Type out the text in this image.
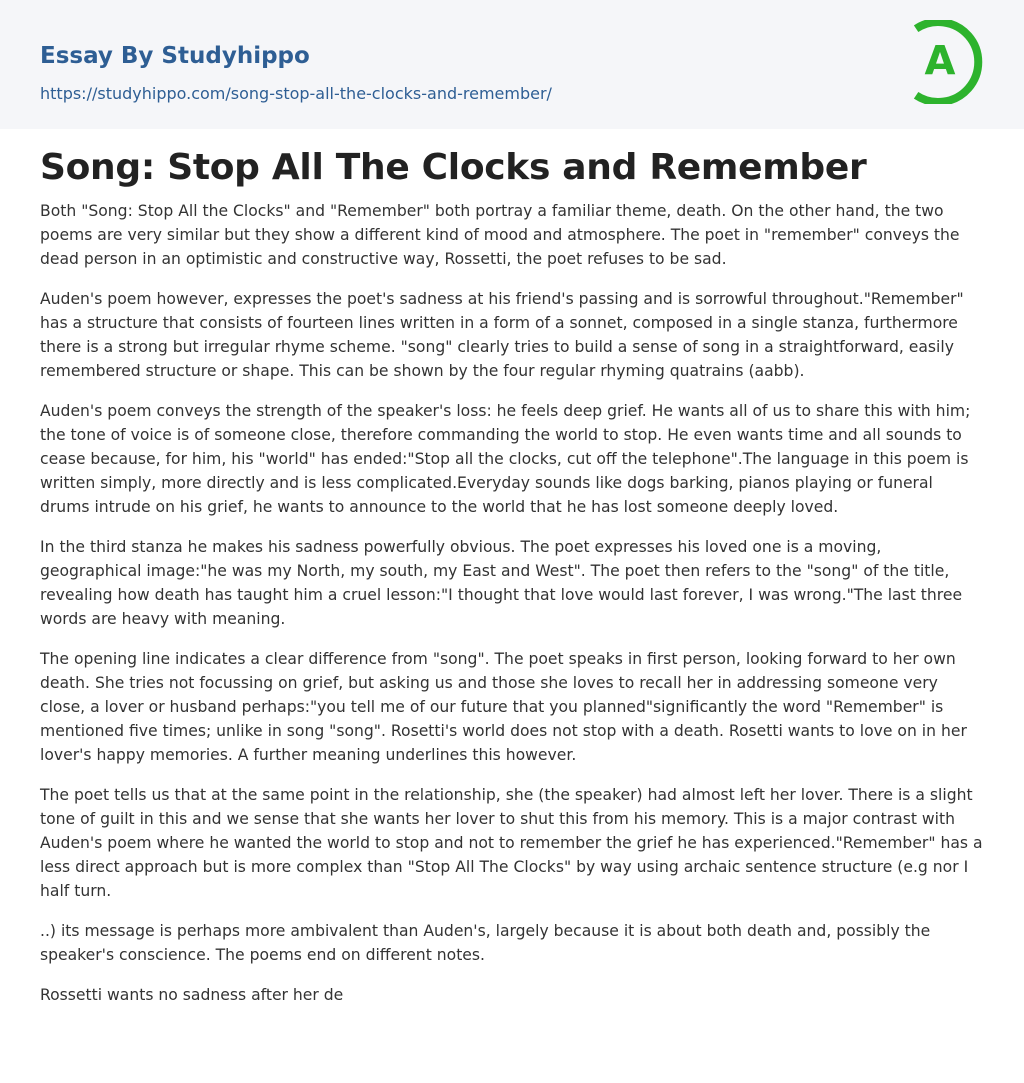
Essay By Studyhippo
https://studyhippo.com/song-stop-all-the-clocks-and-remember/
A
Song: Stop All The Clocks and Remember

Both "Song: Stop All the Clocks" and "Remember" both portray a familiar theme, death. On the other hand, the two poems are very similar but they show a different kind of mood and atmosphere. The poet in "remember" conveys the dead person in an optimistic and constructive way, Rossetti, the poet refuses to be sad.

Auden's poem however, expresses the poet's sadness at his friend's passing and is sorrowful throughout."Remember" has a structure that consists of fourteen lines written in a form of a sonnet, composed in a single stanza, furthermore there is a strong but irregular rhyme scheme. "song" clearly tries to build a sense of song in a straightforward, easily remembered structure or shape. This can be shown by the four regular rhyming quatrains (aabb).

Auden's poem conveys the strength of the speaker's loss: he feels deep grief. He wants all of us to share this with him; the tone of voice is of someone close, therefore commanding the world to stop. He even wants time and all sounds to cease because, for him, his "world" has ended:"Stop all the clocks, cut off the telephone".The language in this poem is written simply, more directly and is less complicated.Everyday sounds like dogs barking, pianos playing or funeral drums intrude on his grief, he wants to announce to the world that he has lost someone deeply loved.

In the third stanza he makes his sadness powerfully obvious. The poet expresses his loved one is a moving, geographical image:"he was my North, my south, my East and West". The poet then refers to the "song" of the title, revealing how death has taught him a cruel lesson:"I thought that love would last forever, I was wrong."The last three words are heavy with meaning.

The opening line indicates a clear difference from "song". The poet speaks in first person, looking forward to her own death. She tries not focussing on grief, but asking us and those she loves to recall her in addressing someone very close, a lover or husband perhaps:"you tell me of our future that you planned"significantly the word "Remember" is mentioned five times; unlike in song "song". Rosetti's world does not stop with a death. Rosetti wants to love on in her lover's happy memories. A further meaning underlines this however.

The poet tells us that at the same point in the relationship, she (the speaker) had almost left her lover. There is a slight tone of guilt in this and we sense that she wants her lover to shut this from his memory. This is a major contrast with Auden's poem where he wanted the world to stop and not to remember the grief he has experienced."Remember" has a less direct approach but is more complex than "Stop All The Clocks" by way using archaic sentence structure (e.g nor I half turn.

..) its message is perhaps more ambivalent than Auden's, largely because it is about both death and, possibly the speaker's conscience. The poems end on different notes.

Rossetti wants no sadness after her de
